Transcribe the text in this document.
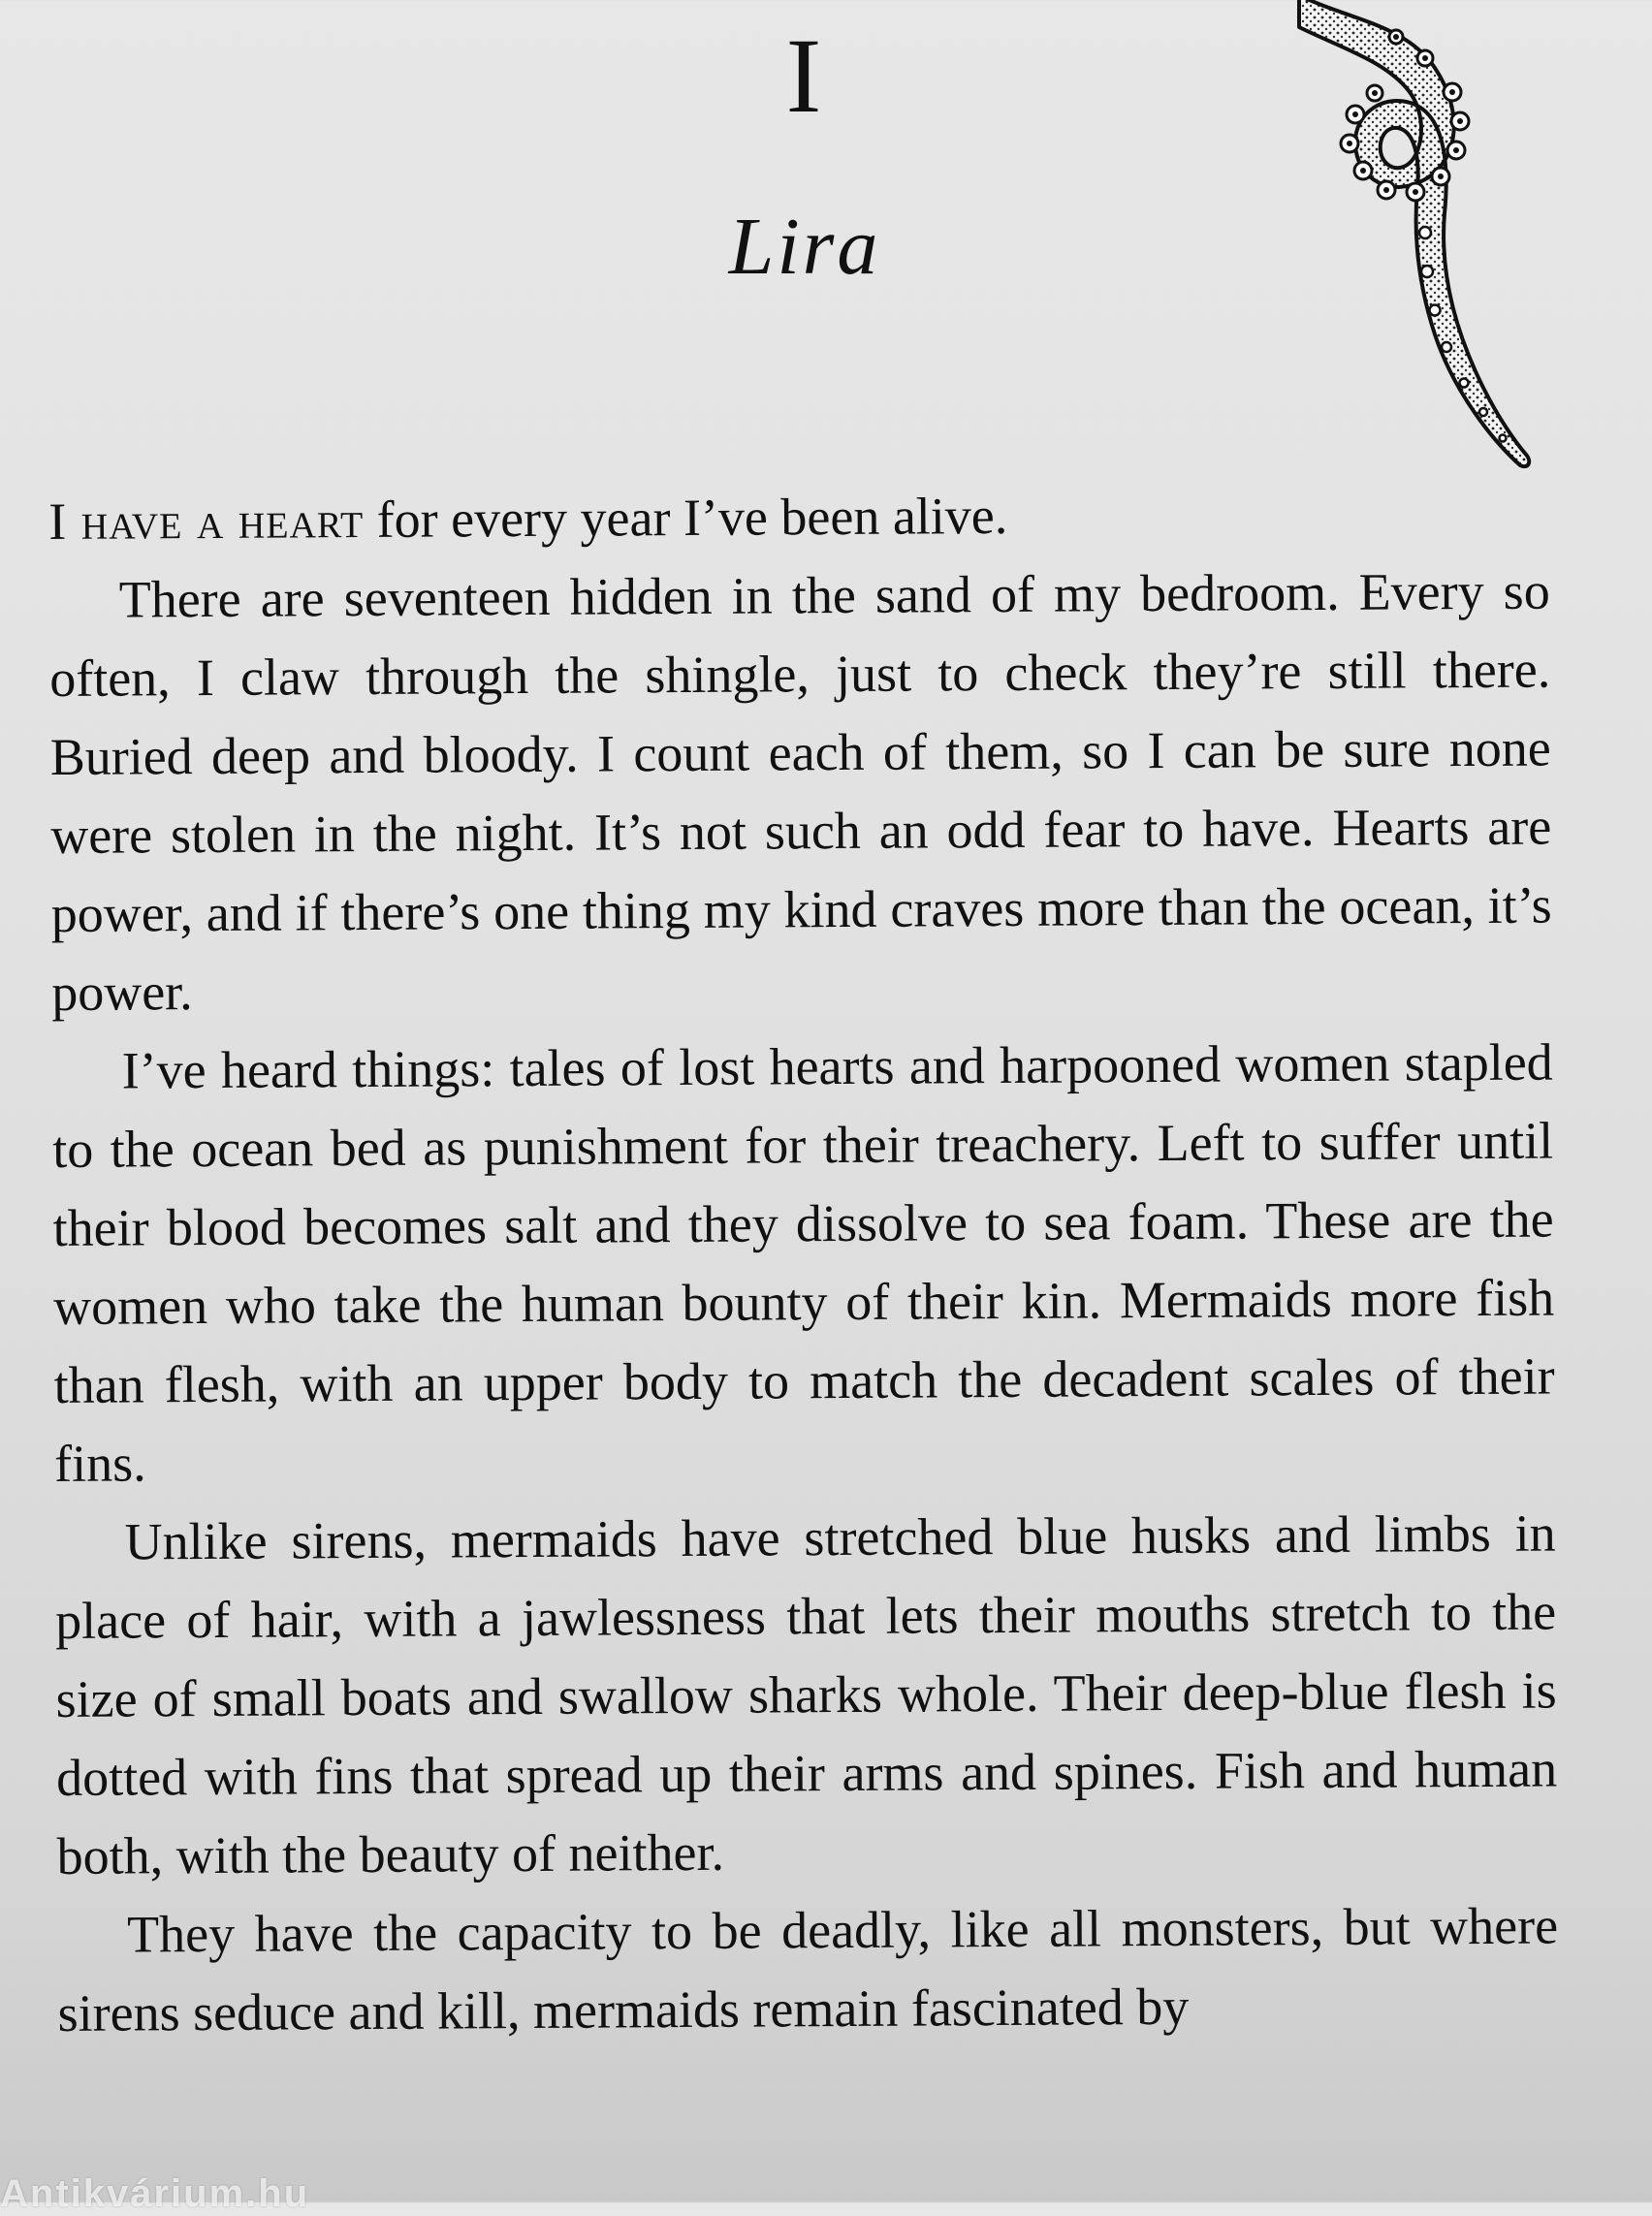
I
Lira

I have a heart for every year I’ve been alive.

There are seventeen hidden in the sand of my bedroom. Every so often, I claw through the shingle, just to check they’re still there. Buried deep and bloody. I count each of them, so I can be sure none were stolen in the night. It’s not such an odd fear to have. Hearts are power, and if there’s one thing my kind craves more than the ocean, it’s power.

I’ve heard things: tales of lost hearts and harpooned women stapled to the ocean bed as punishment for their treachery. Left to suffer until their blood becomes salt and they dissolve to sea foam. These are the women who take the human bounty of their kin. Mermaids more fish than flesh, with an upper body to match the decadent scales of their fins.

Unlike sirens, mermaids have stretched blue husks and limbs in place of hair, with a jawlessness that lets their mouths stretch to the size of small boats and swallow sharks whole. Their deep-blue flesh is dotted with fins that spread up their arms and spines. Fish and human both, with the beauty of neither.

They have the capacity to be deadly, like all monsters, but where sirens seduce and kill, mermaids remain fascinated by

Antikvárium.hu
